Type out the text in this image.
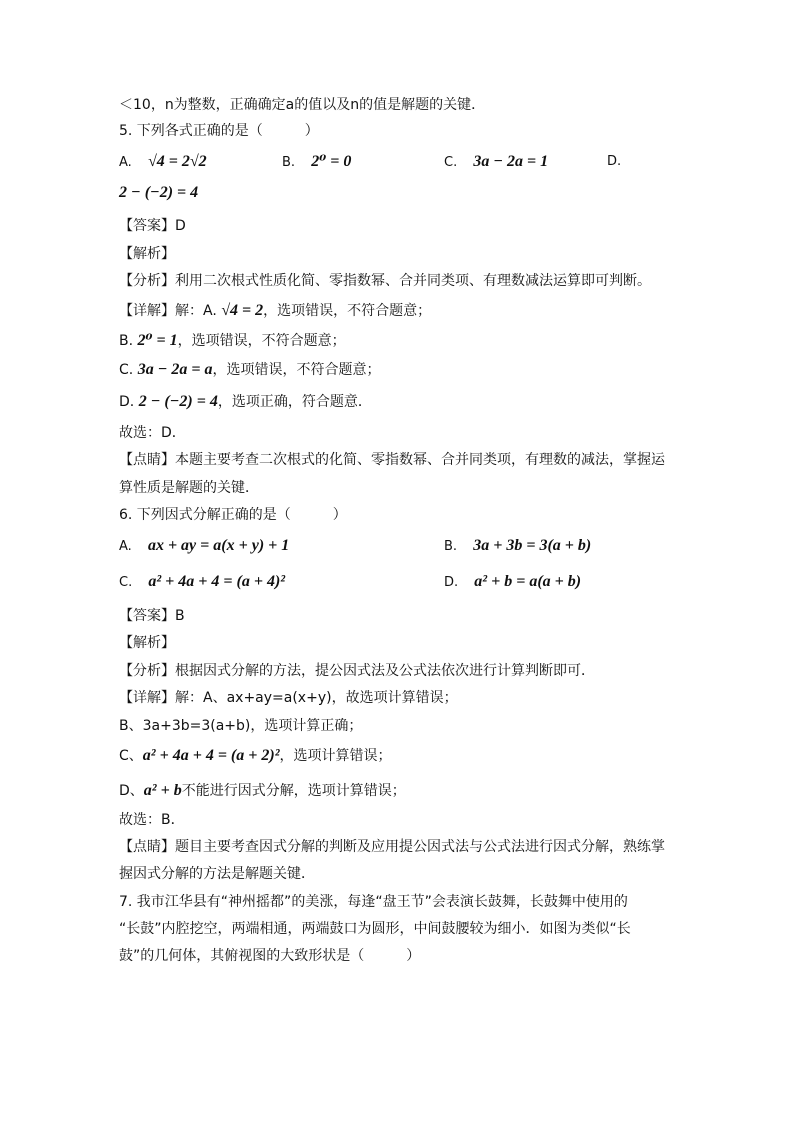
＜10，n为整数，正确确定a的值以及n的值是解题的关键．
5. 下列各式正确的是（　　　）
A. √4 = 2√2	B. 2⁰ = 0	C. 3a − 2a = 1	D.
2 − (−2) = 4
【答案】D
【解析】
【分析】利用二次根式性质化简、零指数幂、合并同类项、有理数减法运算即可判断。
【详解】解：A. √4 = 2，选项错误，不符合题意；
B. 2⁰ = 1，选项错误，不符合题意；
C. 3a − 2a = a，选项错误，不符合题意；
D. 2 − (−2) = 4，选项正确，符合题意．
故选：D．
【点睛】本题主要考查二次根式的化简、零指数幂、合并同类项，有理数的减法，掌握运
算性质是解题的关键．
6. 下列因式分解正确的是（　　　）
A. ax + ay = a(x + y) + 1	B. 3a + 3b = 3(a + b)
C. a² + 4a + 4 = (a + 4)²	D. a² + b = a(a + b)
【答案】B
【解析】
【分析】根据因式分解的方法，提公因式法及公式法依次进行计算判断即可．
【详解】解：A、ax+ay=a(x+y)，故选项计算错误；
B、3a+3b=3(a+b)，选项计算正确；
C、a² + 4a + 4 = (a + 2)²，选项计算错误；
D、a² + b不能进行因式分解，选项计算错误；
故选：B．
【点睛】题目主要考查因式分解的判断及应用提公因式法与公式法进行因式分解，熟练掌
握因式分解的方法是解题关键．
7. 我市江华县有“神州摇都”的美涨，每逢“盘王节”会表演长鼓舞，长鼓舞中使用的
“长鼓”内腔挖空，两端相通，两端鼓口为圆形，中间鼓腰较为细小．如图为类似“长
鼓”的几何体，其俯视图的大致形状是（　　　）
